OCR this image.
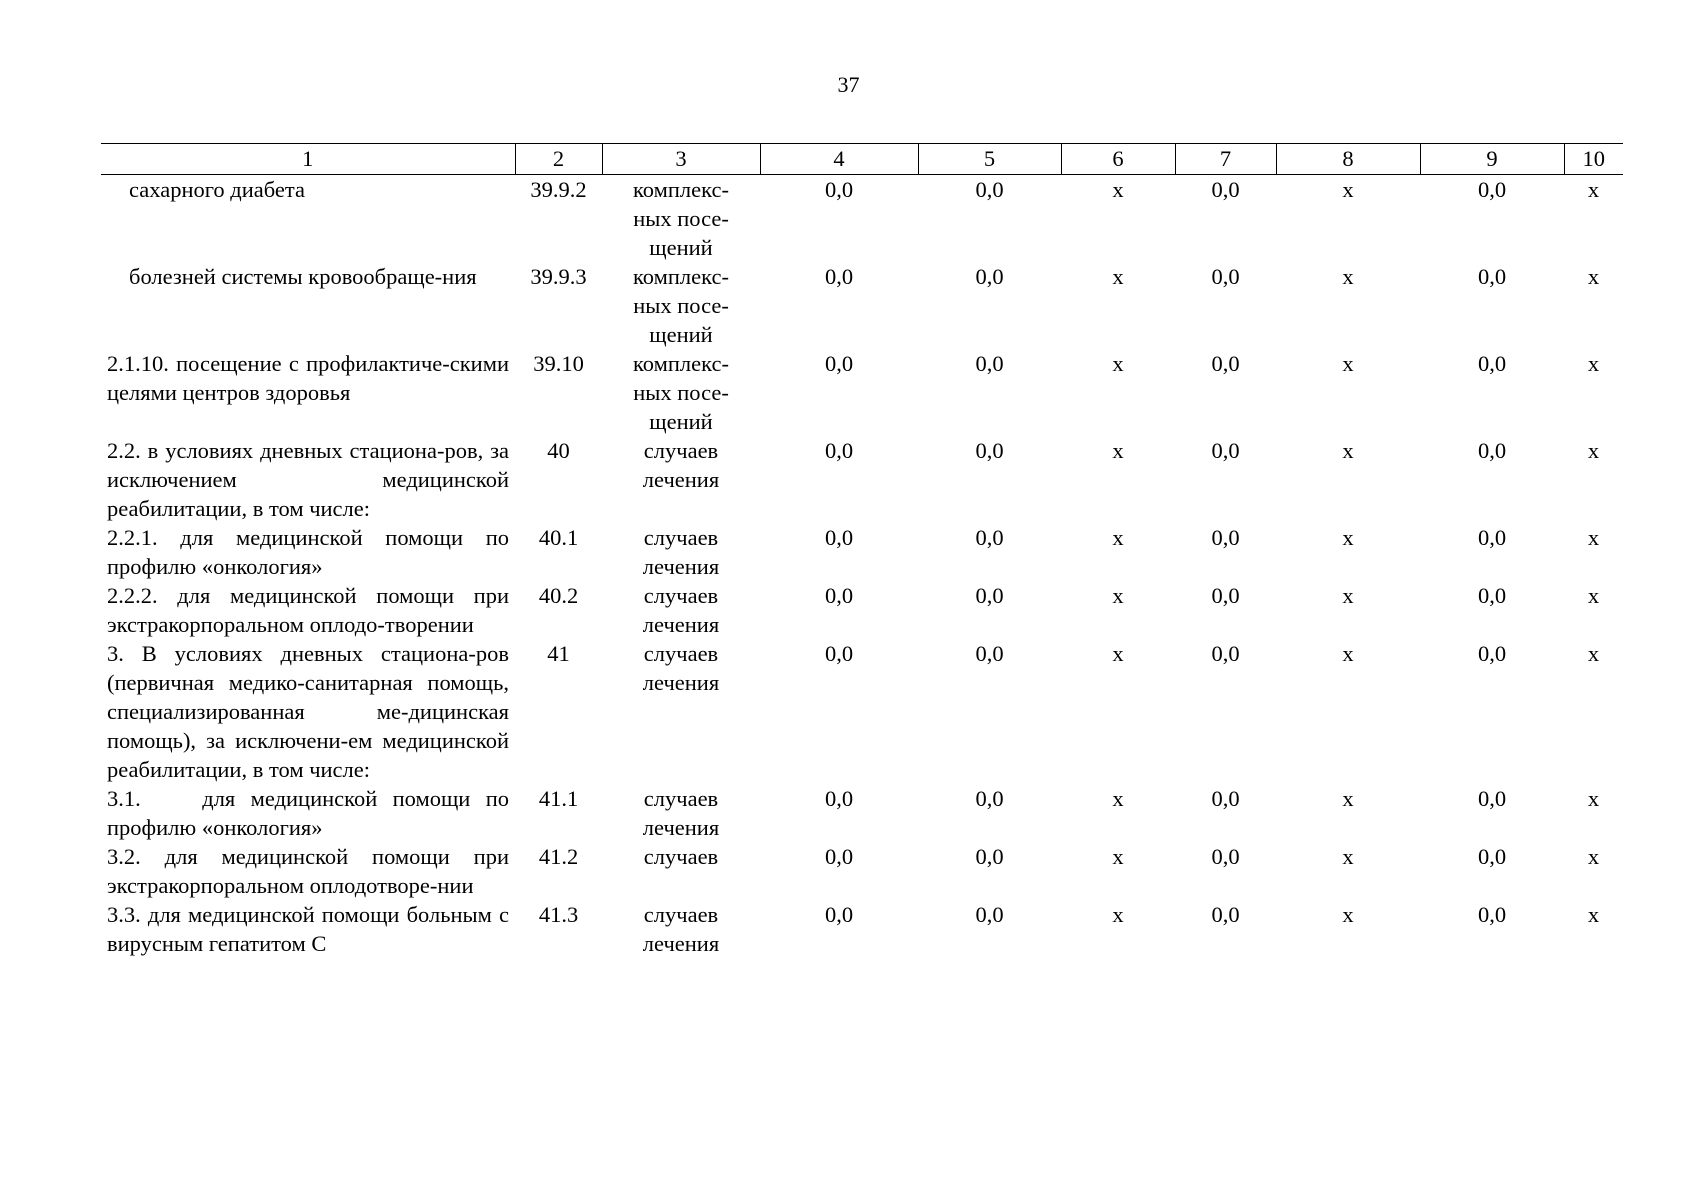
37
1	2	3	4	5	6	7	8	9	10
сахарного диабета	39.9.2	комплекс-
ных посе-
щений	0,0	0,0	х	0,0	х	0,0	х
болезней системы кровообраще-ния	39.9.3	комплекс-
ных посе-
щений	0,0	0,0	х	0,0	х	0,0	х
2.1.10. посещение с профилактиче-скими целями центров здоровья	39.10	комплекс-
ных посе-
щений	0,0	0,0	х	0,0	х	0,0	х
2.2. в условиях дневных стациона-ров, за исключением медицинской реабилитации, в том числе:	40	случаев
лечения	0,0	0,0	х	0,0	х	0,0	х
2.2.1. для медицинской помощи по профилю «онкология»	40.1	случаев
лечения	0,0	0,0	х	0,0	х	0,0	х
2.2.2. для медицинской помощи при экстракорпоральном оплодо-творении	40.2	случаев
лечения	0,0	0,0	х	0,0	х	0,0	х
3. В условиях дневных стациона-ров (первичная медико-санитарная помощь, специализированная ме-дицинская помощь), за исключени-ем медицинской реабилитации, в том числе:	41	случаев
лечения	0,0	0,0	х	0,0	х	0,0	х
3.1.    для медицинской помощи по профилю «онкология»	41.1	случаев
лечения	0,0	0,0	х	0,0	х	0,0	х
3.2. для медицинской помощи при экстракорпоральном оплодотворе-нии	41.2	случаев	0,0	0,0	х	0,0	х	0,0	х
3.3. для медицинской помощи больным с вирусным гепатитом С	41.3	случаев
лечения	0,0	0,0	х	0,0	х	0,0	х
